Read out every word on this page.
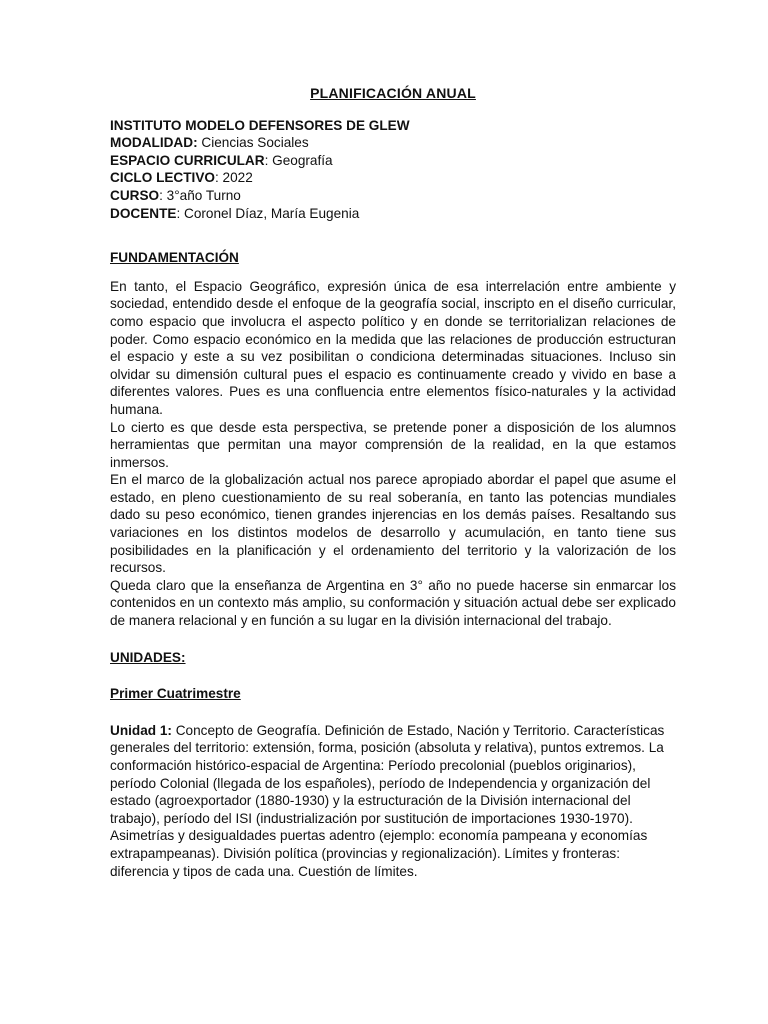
PLANIFICACIÓN ANUAL

INSTITUTO MODELO DEFENSORES DE GLEW

MODALIDAD: Ciencias Sociales

ESPACIO CURRICULAR: Geografía

CICLO LECTIVO: 2022

CURSO: 3°año Turno

DOCENTE: Coronel Díaz, María Eugenia

FUNDAMENTACIÓN

En tanto, el Espacio Geográfico, expresión única de esa interrelación entre ambiente y sociedad, entendido desde el enfoque de la geografía social, inscripto en el diseño curricular, como espacio que involucra el aspecto político y en donde se territorializan relaciones de poder. Como espacio económico en la medida que las relaciones de producción estructuran el espacio y este a su vez posibilitan o condiciona determinadas situaciones. Incluso sin olvidar su dimensión cultural pues el espacio es continuamente creado y vivido en base a diferentes valores. Pues es una confluencia entre elementos físico-naturales y la actividad humana.

Lo cierto es que desde esta perspectiva, se pretende poner a disposición de los alumnos herramientas que permitan una mayor comprensión de la realidad, en la que estamos inmersos.

En el marco de la globalización actual nos parece apropiado abordar el papel que asume el estado, en pleno cuestionamiento de su real soberanía, en tanto las potencias mundiales dado su peso económico, tienen grandes injerencias en los demás países. Resaltando sus variaciones en los distintos modelos de desarrollo y acumulación, en tanto tiene sus posibilidades en la planificación y el ordenamiento del territorio y la valorización de los recursos.

Queda claro que la enseñanza de Argentina en 3° año no puede hacerse sin enmarcar los contenidos en un contexto más amplio, su conformación y situación actual debe ser explicado de manera relacional y en función a su lugar en la división internacional del trabajo.

UNIDADES:

Primer Cuatrimestre

Unidad 1: Concepto de Geografía. Definición de Estado, Nación y Territorio. Características generales del territorio: extensión, forma, posición (absoluta y relativa), puntos extremos. La conformación histórico-espacial de Argentina: Período precolonial (pueblos originarios), período Colonial (llegada de los españoles), período de Independencia y organización del estado (agroexportador (1880-1930) y la estructuración de la División internacional del trabajo), período del ISI (industrialización por sustitución de importaciones 1930-1970). Asimetrías y desigualdades puertas adentro (ejemplo: economía pampeana y economías extrapampeanas). División política (provincias y regionalización). Límites y fronteras: diferencia y tipos de cada una. Cuestión de límites.
